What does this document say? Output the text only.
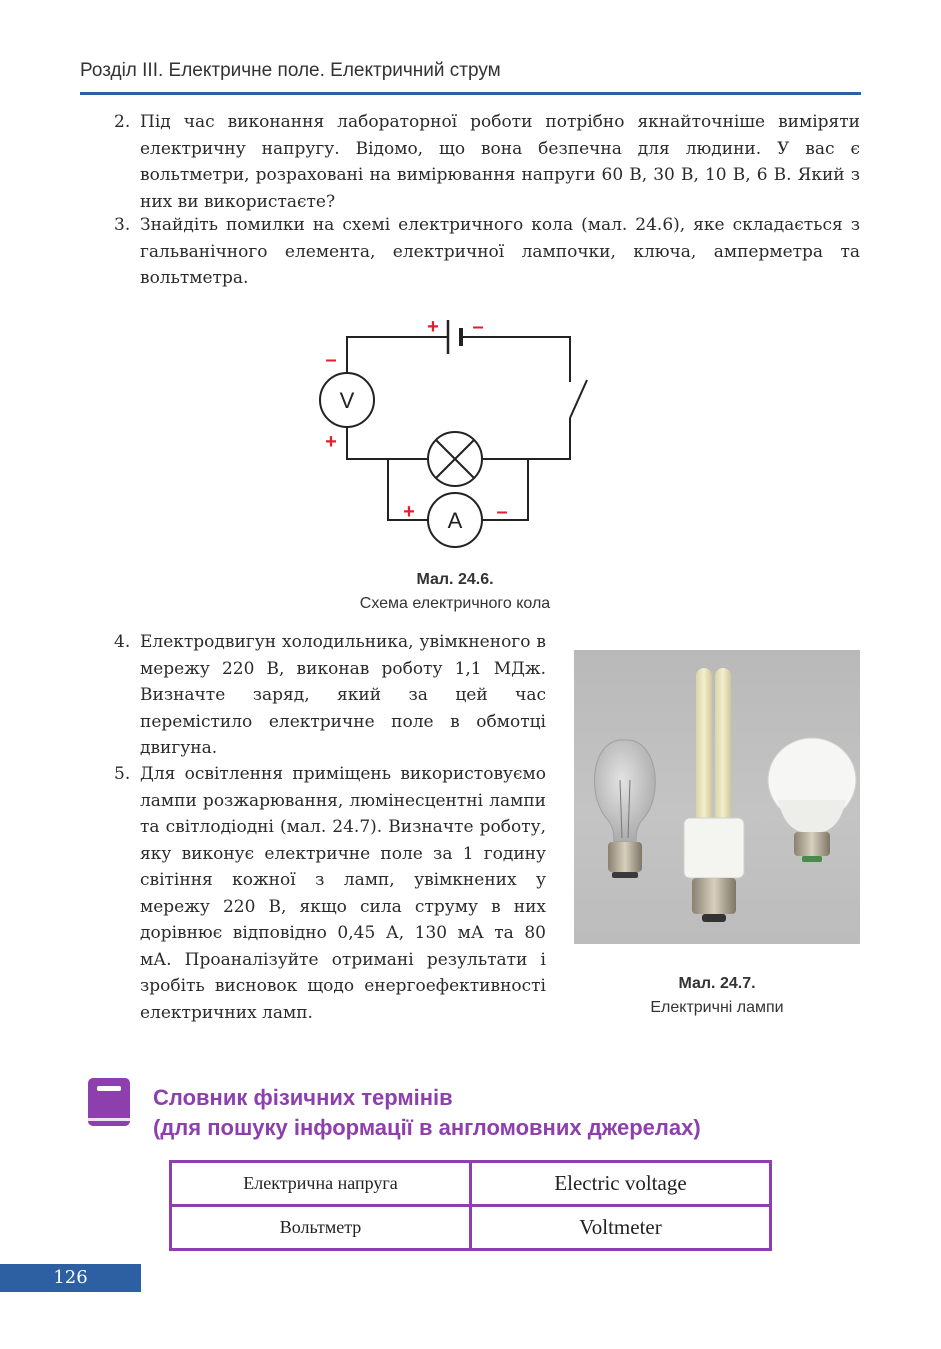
Розділ ІІІ. Електричне поле. Електричний струм
2. Під час виконання лабораторної роботи потрібно якнайточніше виміряти електричну напругу. Відомо, що вона безпечна для людини. У вас є вольтметри, розраховані на вимірювання напруги 60 В, 30 В, 10 В, 6 В. Який з них ви використаєте?
3. Знайдіть помилки на схемі електричного кола (мал. 24.6), яке складається з гальванічного елемента, електричної лампочки, ключа, амперметра та вольтметра.
V
A
+ –
–
+
+	–
Мал. 24.6.
Схема електричного кола
4. Електродвигун холодильника, увімкненого в мережу 220 В, виконав роботу 1,1 МДж. Визначте заряд, який за цей час перемістило електричне поле в обмотці двигуна.
5. Для освітлення приміщень використовуємо лампи розжарювання, люмінесцентні лампи та світлодіодні (мал. 24.7). Визначте роботу, яку виконує електричне поле за 1 годину світіння кожної з ламп, увімкнених у мережу 220 В, якщо сила струму в них дорівнює відповідно 0,45 А, 130 мА та 80 мА. Проаналізуйте отримані результати і зробіть висновок щодо енергоефективності електричних ламп.
Мал. 24.7.
Електричні лампи
Словник фізичних термінів
(для пошуку інформації в англомовних джерелах)
Електрична напруга	Electric voltage
Вольтметр	Voltmeter
126
